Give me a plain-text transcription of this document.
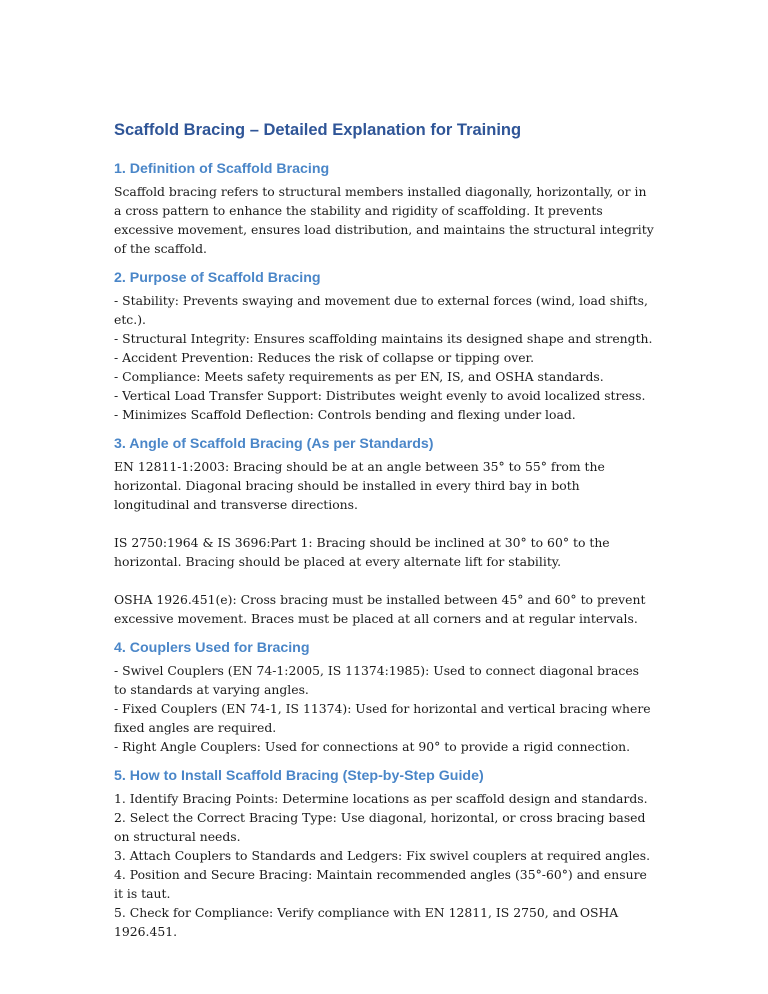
Scaffold Bracing – Detailed Explanation for Training
1. Definition of Scaffold Bracing

Scaffold bracing refers to structural members installed diagonally, horizontally, or in a cross pattern to enhance the stability and rigidity of scaffolding. It prevents excessive movement, ensures load distribution, and maintains the structural integrity of the scaffold.

2. Purpose of Scaffold Bracing

- Stability: Prevents swaying and movement due to external forces (wind, load shifts, etc.).

- Structural Integrity: Ensures scaffolding maintains its designed shape and strength.

- Accident Prevention: Reduces the risk of collapse or tipping over.

- Compliance: Meets safety requirements as per EN, IS, and OSHA standards.

- Vertical Load Transfer Support: Distributes weight evenly to avoid localized stress.

- Minimizes Scaffold Deflection: Controls bending and flexing under load.

3. Angle of Scaffold Bracing (As per Standards)

EN 12811-1:2003: Bracing should be at an angle between 35° to 55° from the horizontal. Diagonal bracing should be installed in every third bay in both longitudinal and transverse directions.

IS 2750:1964 & IS 3696:Part 1: Bracing should be inclined at 30° to 60° to the horizontal. Bracing should be placed at every alternate lift for stability.

OSHA 1926.451(e): Cross bracing must be installed between 45° and 60° to prevent excessive movement. Braces must be placed at all corners and at regular intervals.

4. Couplers Used for Bracing

- Swivel Couplers (EN 74-1:2005, IS 11374:1985): Used to connect diagonal braces to standards at varying angles.

- Fixed Couplers (EN 74-1, IS 11374): Used for horizontal and vertical bracing where fixed angles are required.

- Right Angle Couplers: Used for connections at 90° to provide a rigid connection.

5. How to Install Scaffold Bracing (Step-by-Step Guide)

1. Identify Bracing Points: Determine locations as per scaffold design and standards.

2. Select the Correct Bracing Type: Use diagonal, horizontal, or cross bracing based on structural needs.

3. Attach Couplers to Standards and Ledgers: Fix swivel couplers at required angles.

4. Position and Secure Bracing: Maintain recommended angles (35°-60°) and ensure it is taut.

5. Check for Compliance: Verify compliance with EN 12811, IS 2750, and OSHA 1926.451.
